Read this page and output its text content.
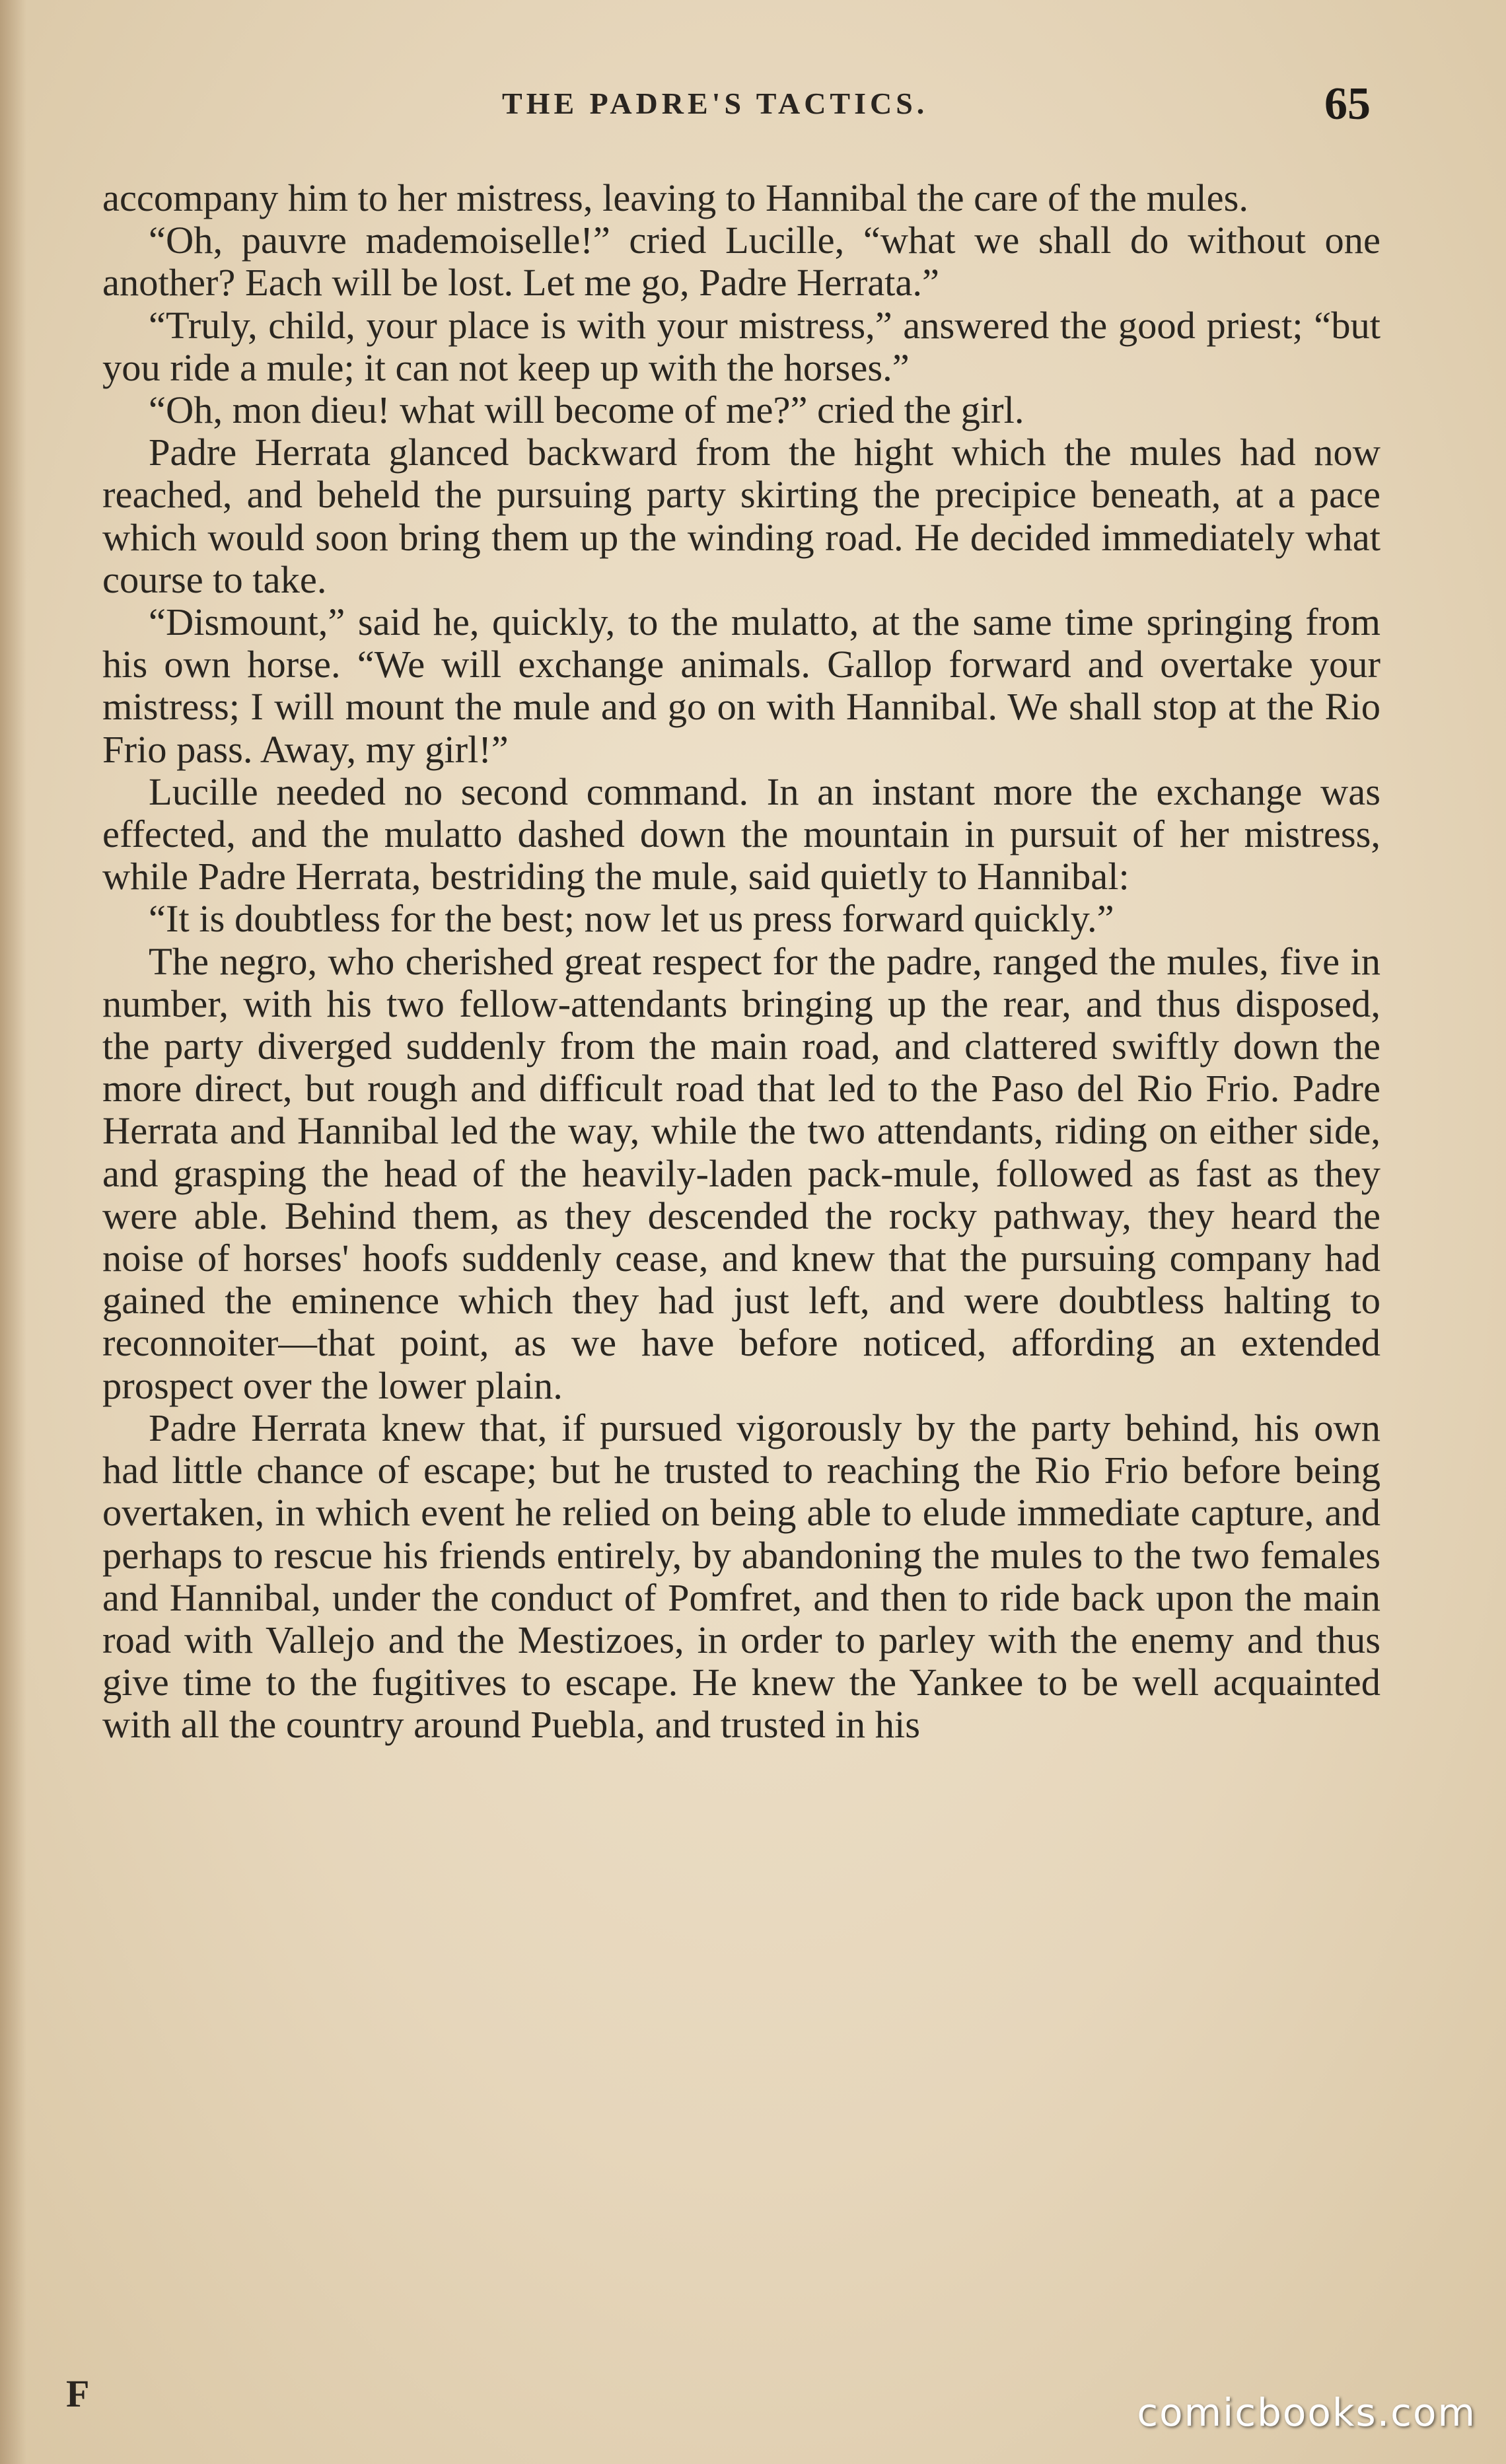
THE PADRE'S TACTICS.	65

accompany him to her mistress, leaving to Hannibal the care of the mules.

“Oh, pauvre mademoiselle!” cried Lucille, “what we shall do without one another? Each will be lost. Let me go, Padre Herrata.”

“Truly, child, your place is with your mistress,” answered the good priest; “but you ride a mule; it can not keep up with the horses.”

“Oh, mon dieu! what will become of me?” cried the girl.

Padre Herrata glanced backward from the hight which the mules had now reached, and beheld the pursuing party skirting the precipice beneath, at a pace which would soon bring them up the winding road. He decided immediately what course to take.

“Dismount,” said he, quickly, to the mulatto, at the same time springing from his own horse. “We will exchange animals. Gallop forward and overtake your mistress; I will mount the mule and go on with Hannibal. We shall stop at the Rio Frio pass. Away, my girl!”

Lucille needed no second command. In an instant more the exchange was effected, and the mulatto dashed down the mountain in pursuit of her mistress, while Padre Herrata, bestriding the mule, said quietly to Hannibal:

“It is doubtless for the best; now let us press forward quickly.”

The negro, who cherished great respect for the padre, ranged the mules, five in number, with his two fellow-attendants bringing up the rear, and thus disposed, the party diverged suddenly from the main road, and clattered swiftly down the more direct, but rough and difficult road that led to the Paso del Rio Frio. Padre Herrata and Hannibal led the way, while the two attendants, riding on either side, and grasping the head of the heavily-laden pack-mule, followed as fast as they were able. Behind them, as they descended the rocky pathway, they heard the noise of horses' hoofs suddenly cease, and knew that the pursuing company had gained the eminence which they had just left, and were doubtless halting to reconnoiter—that point, as we have before noticed, affording an extended prospect over the lower plain.

Padre Herrata knew that, if pursued vigorously by the party behind, his own had little chance of escape; but he trusted to reaching the Rio Frio before being overtaken, in which event he relied on being able to elude immediate capture, and perhaps to rescue his friends entirely, by abandoning the mules to the two females and Hannibal, under the conduct of Pomfret, and then to ride back upon the main road with Vallejo and the Mestizoes, in order to parley with the enemy and thus give time to the fugitives to escape. He knew the Yankee to be well acquainted with all the country around Puebla, and trusted in his

F	comicbooks.com
